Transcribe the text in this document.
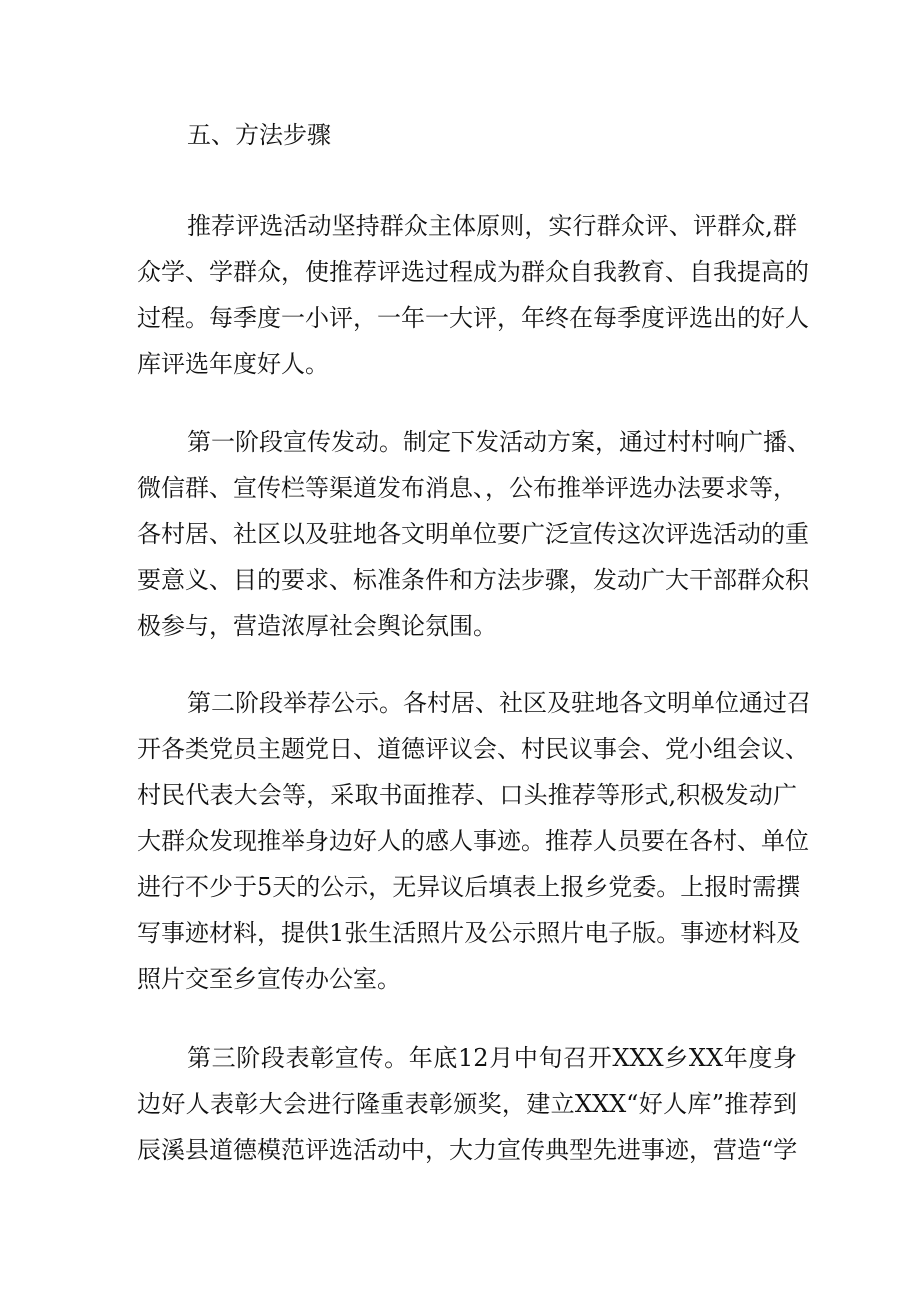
五、方法步骤

推荐评选活动坚持群众主体原则，实行群众评、评群众,群
众学、学群众，使推荐评选过程成为群众自我教育、自我提高的
过程。每季度一小评，一年一大评，年终在每季度评选出的好人
库评选年度好人。

第一阶段宣传发动。制定下发活动方案，通过村村响广播、
微信群、宣传栏等渠道发布消息、，公布推举评选办法要求等，
各村居、社区以及驻地各文明单位要广泛宣传这次评选活动的重
要意义、目的要求、标准条件和方法步骤，发动广大干部群众积
极参与，营造浓厚社会舆论氛围。

第二阶段举荐公示。各村居、社区及驻地各文明单位通过召
开各类党员主题党日、道德评议会、村民议事会、党小组会议、
村民代表大会等，采取书面推荐、口头推荐等形式,积极发动广
大群众发现推举身边好人的感人事迹。推荐人员要在各村、单位
进行不少于5天的公示，无异议后填表上报乡党委。上报时需撰
写事迹材料，提供1张生活照片及公示照片电子版。事迹材料及
照片交至乡宣传办公室。

第三阶段表彰宣传。年底12月中旬召开XXX乡XX年度身
边好人表彰大会进行隆重表彰颁奖，建立XXX“好人库”推荐到
辰溪县道德模范评选活动中，大力宣传典型先进事迹，营造“学
